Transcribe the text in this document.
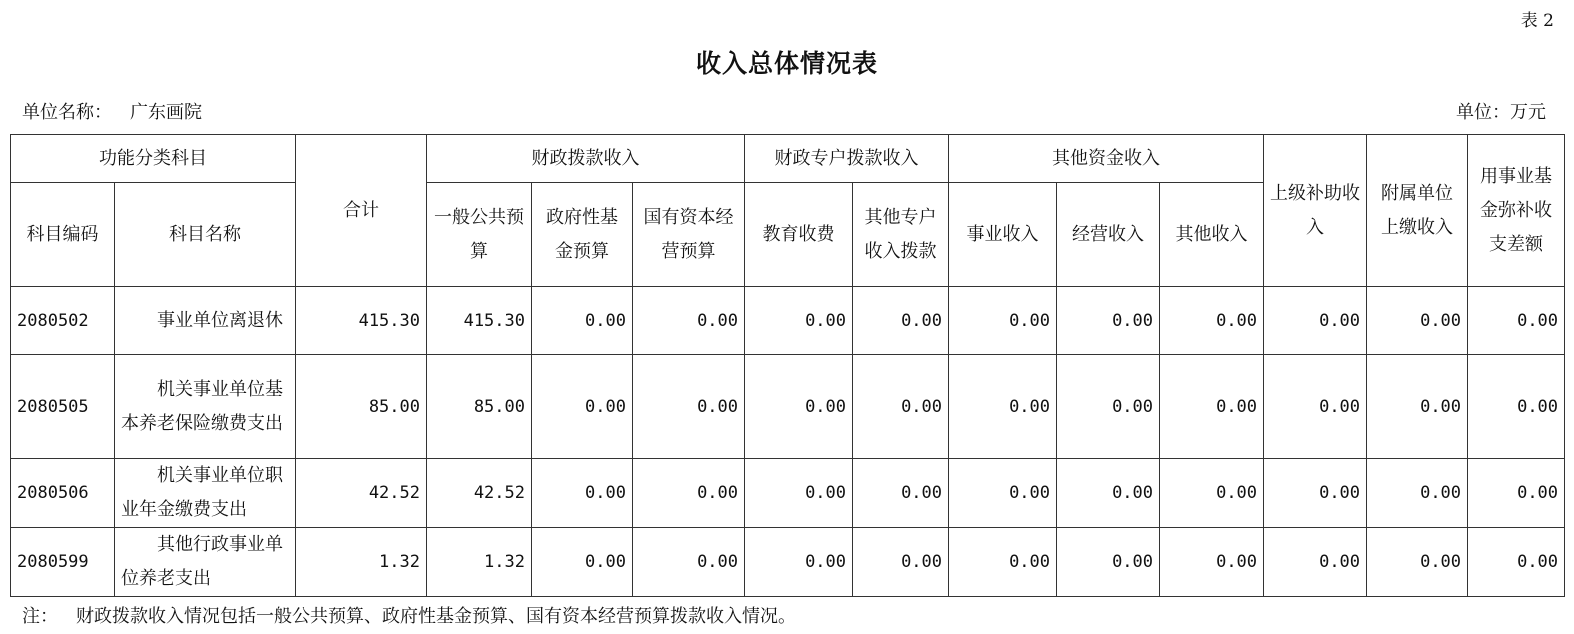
表 2
收入总体情况表
单位名称： 广东画院	单位：万元
功能分类科目		合计	财政拨款收入			财政专户拨款收入		其他资金收入			上级补助收入	附属单位上缴收入	用事业基金弥补收支差额
科目编码	科目名称		一般公共预算	政府性基金预算	国有资本经营预算	教育收费	其他专户收入拨款	事业收入	经营收入	其他收入			
2080502	事业单位离退休	415.30	415.30	0.00	0.00	0.00	0.00	0.00	0.00	0.00	0.00	0.00	0.00
2080505	机关事业单位基本养老保险缴费支出	85.00	85.00	0.00	0.00	0.00	0.00	0.00	0.00	0.00	0.00	0.00	0.00
2080506	机关事业单位职业年金缴费支出	42.52	42.52	0.00	0.00	0.00	0.00	0.00	0.00	0.00	0.00	0.00	0.00
2080599	其他行政事业单位养老支出	1.32	1.32	0.00	0.00	0.00	0.00	0.00	0.00	0.00	0.00	0.00	0.00
注： 财政拨款收入情况包括一般公共预算、政府性基金预算、国有资本经营预算拨款收入情况。
